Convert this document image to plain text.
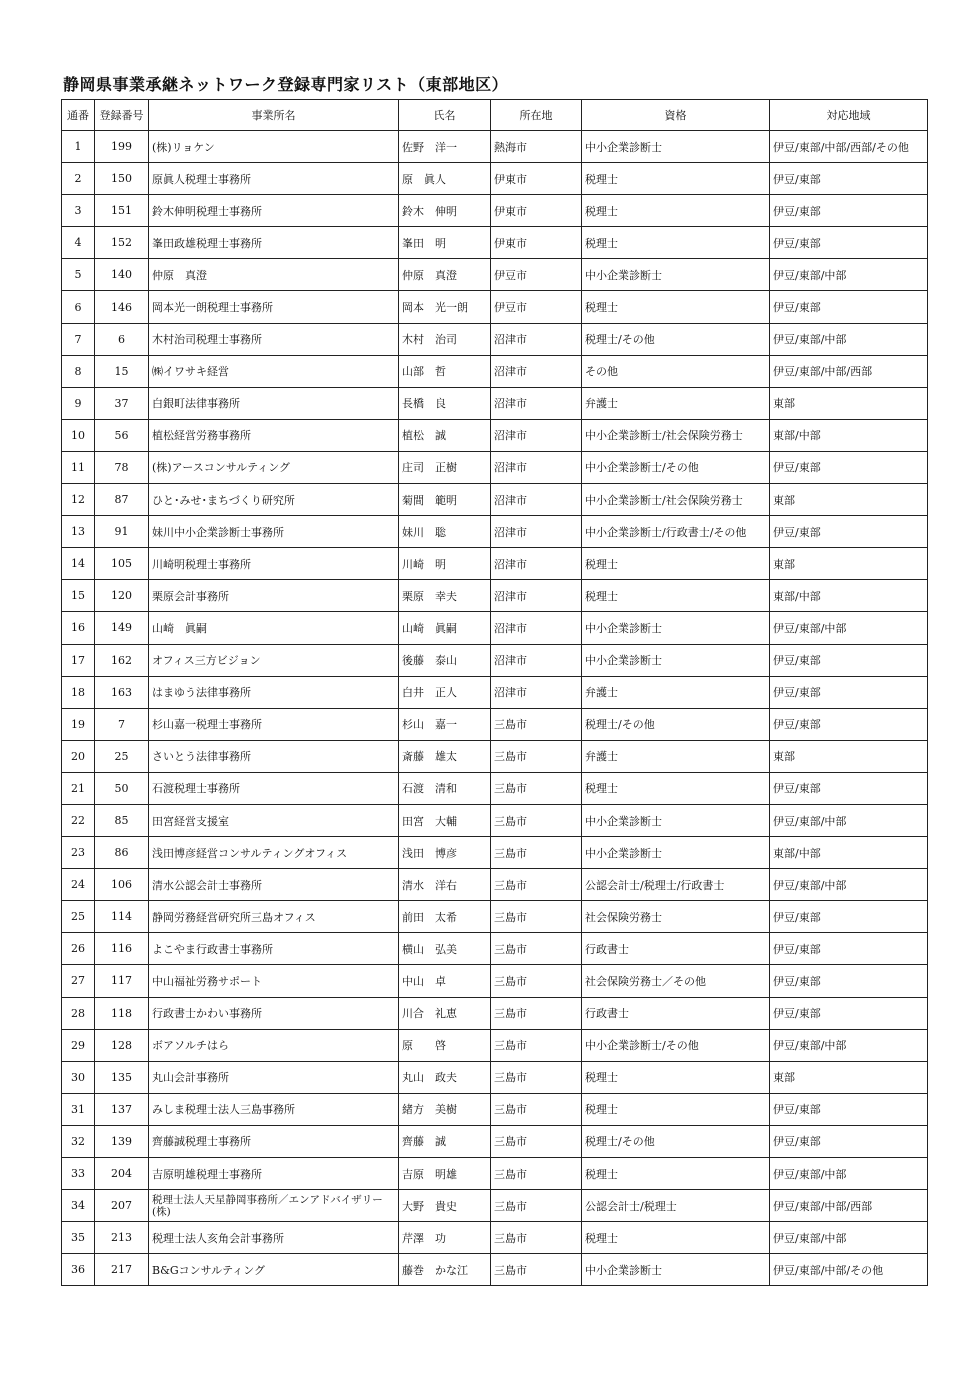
静岡県事業承継ネットワーク登録専門家リスト（東部地区）
通番	登録番号	事業所名	氏名	所在地	資格	対応地域
1	199	(株)リョケン	佐野　洋一	熱海市	中小企業診断士	伊豆/東部/中部/西部/その他
2	150	原眞人税理士事務所	原　眞人	伊東市	税理士	伊豆/東部
3	151	鈴木伸明税理士事務所	鈴木　伸明	伊東市	税理士	伊豆/東部
4	152	峯田政雄税理士事務所	峯田　明	伊東市	税理士	伊豆/東部
5	140	仲原　真澄	仲原　真澄	伊豆市	中小企業診断士	伊豆/東部/中部
6	146	岡本光一朗税理士事務所	岡本　光一朗	伊豆市	税理士	伊豆/東部
7	6	木村治司税理士事務所	木村　治司	沼津市	税理士/その他	伊豆/東部/中部
8	15	㈱イワサキ経営	山部　哲	沼津市	その他	伊豆/東部/中部/西部
9	37	白銀町法律事務所	長橋　良	沼津市	弁護士	東部
10	56	植松経営労務事務所	植松　誠	沼津市	中小企業診断士/社会保険労務士	東部/中部
11	78	(株)アースコンサルティング	庄司　正樹	沼津市	中小企業診断士/その他	伊豆/東部
12	87	ひと･みせ･まちづくり研究所	菊間　範明	沼津市	中小企業診断士/社会保険労務士	東部
13	91	妹川中小企業診断士事務所	妹川　聡	沼津市	中小企業診断士/行政書士/その他	伊豆/東部
14	105	川崎明税理士事務所	川崎　明	沼津市	税理士	東部
15	120	栗原会計事務所	栗原　幸夫	沼津市	税理士	東部/中部
16	149	山崎　眞嗣	山崎　眞嗣	沼津市	中小企業診断士	伊豆/東部/中部
17	162	オフィス三方ビジョン	後藤　泰山	沼津市	中小企業診断士	伊豆/東部
18	163	はまゆう法律事務所	白井　正人	沼津市	弁護士	伊豆/東部
19	7	杉山嘉一税理士事務所	杉山　嘉一	三島市	税理士/その他	伊豆/東部
20	25	さいとう法律事務所	斎藤　雄太	三島市	弁護士	東部
21	50	石渡税理士事務所	石渡　清和	三島市	税理士	伊豆/東部
22	85	田宮経営支援室	田宮　大輔	三島市	中小企業診断士	伊豆/東部/中部
23	86	浅田博彦経営コンサルティングオフィス	浅田　博彦	三島市	中小企業診断士	東部/中部
24	106	清水公認会計士事務所	清水　洋右	三島市	公認会計士/税理士/行政書士	伊豆/東部/中部
25	114	静岡労務経営研究所三島オフィス	前田　太希	三島市	社会保険労務士	伊豆/東部
26	116	よこやま行政書士事務所	横山　弘美	三島市	行政書士	伊豆/東部
27	117	中山福祉労務サポート	中山　卓	三島市	社会保険労務士／その他	伊豆/東部
28	118	行政書士かわい事務所	川合　礼恵	三島市	行政書士	伊豆/東部
29	128	ボアソルチはら	原　　啓	三島市	中小企業診断士/その他	伊豆/東部/中部
30	135	丸山会計事務所	丸山　政夫	三島市	税理士	東部
31	137	みしま税理士法人三島事務所	緒方　美樹	三島市	税理士	伊豆/東部
32	139	齊藤誠税理士事務所	齊藤　誠	三島市	税理士/その他	伊豆/東部
33	204	吉原明雄税理士事務所	吉原　明雄	三島市	税理士	伊豆/東部/中部
34	207	税理士法人天星静岡事務所／エンアドバイザリー(株)	大野　貴史	三島市	公認会計士/税理士	伊豆/東部/中部/西部
35	213	税理士法人亥角会計事務所	芹澤　功	三島市	税理士	伊豆/東部/中部
36	217	B&Gコンサルティング	藤巻　かな江	三島市	中小企業診断士	伊豆/東部/中部/その他
